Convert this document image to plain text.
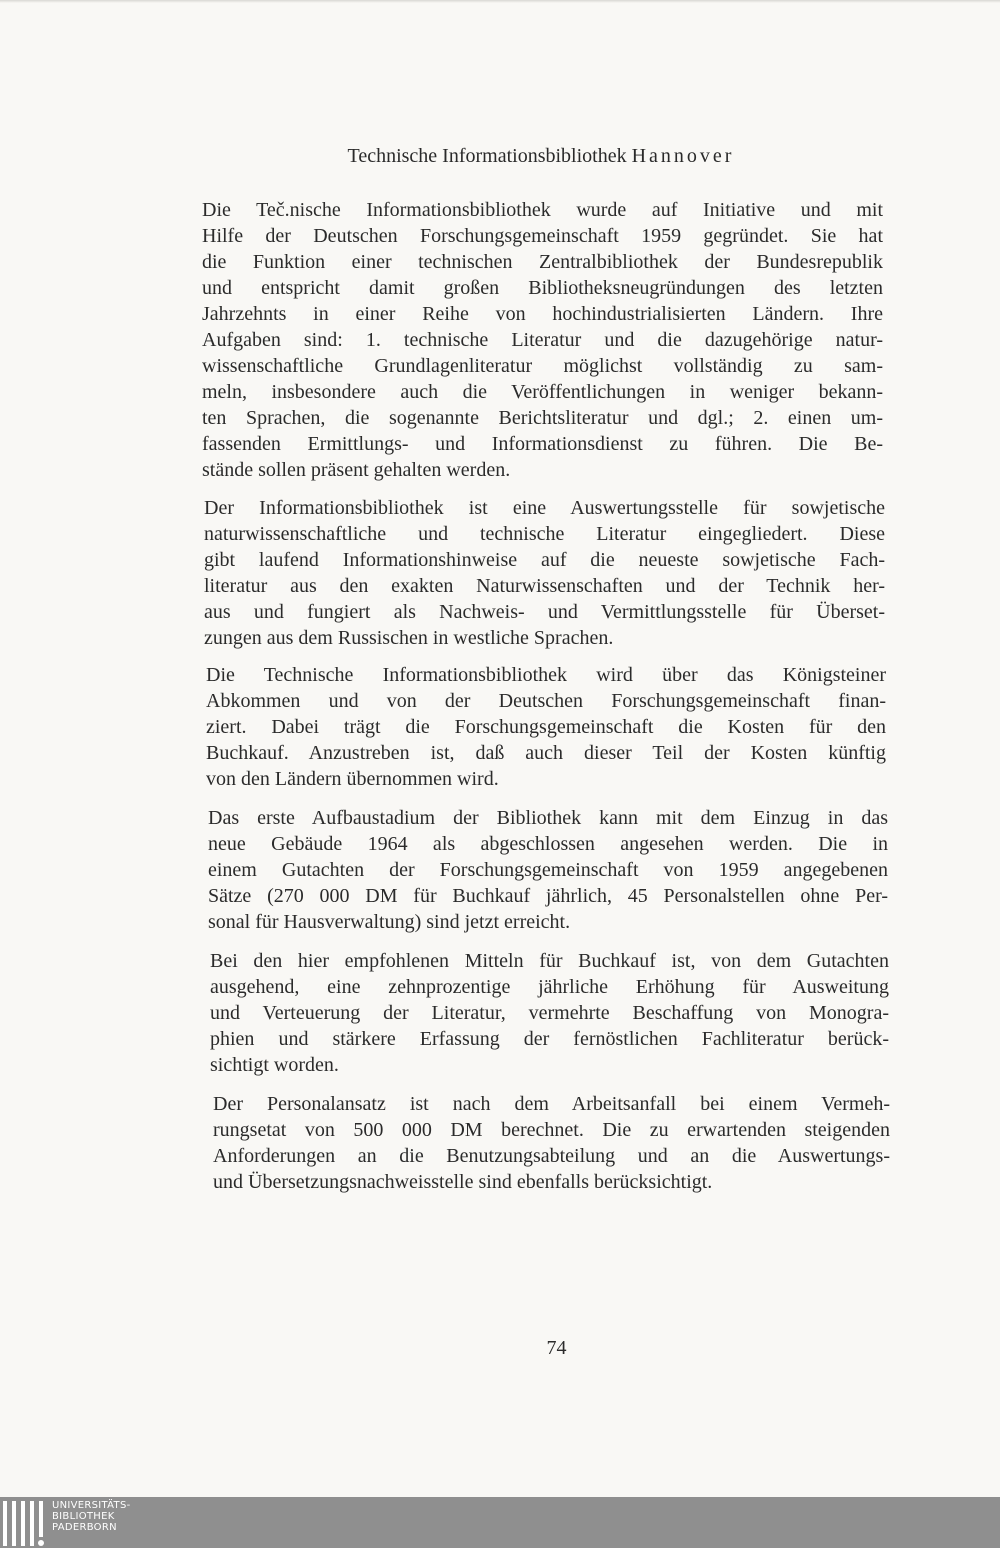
Technische Informationsbibliothek Hannover
Die Teč.nische Informationsbibliothek wurde auf Initiative und mit
Hilfe der Deutschen Forschungsgemeinschaft 1959 gegründet. Sie hat
die Funktion einer technischen Zentralbibliothek der Bundesrepublik
und entspricht damit großen Bibliotheksneugründungen des letzten
Jahrzehnts in einer Reihe von hochindustrialisierten Ländern. Ihre
Aufgaben sind: 1. technische Literatur und die dazugehörige natur-
wissenschaftliche Grundlagenliteratur möglichst vollständig zu sam-
meln, insbesondere auch die Veröffentlichungen in weniger bekann-
ten Sprachen, die sogenannte Berichtsliteratur und dgl.; 2. einen um-
fassenden Ermittlungs- und Informationsdienst zu führen. Die Be-
stände sollen präsent gehalten werden.
Der Informationsbibliothek ist eine Auswertungsstelle für sowjetische
naturwissenschaftliche und technische Literatur eingegliedert. Diese
gibt laufend Informationshinweise auf die neueste sowjetische Fach-
literatur aus den exakten Naturwissenschaften und der Technik her-
aus und fungiert als Nachweis- und Vermittlungsstelle für Überset-
zungen aus dem Russischen in westliche Sprachen.
Die Technische Informationsbibliothek wird über das Königsteiner
Abkommen und von der Deutschen Forschungsgemeinschaft finan-
ziert. Dabei trägt die Forschungsgemeinschaft die Kosten für den
Buchkauf. Anzustreben ist, daß auch dieser Teil der Kosten künftig
von den Ländern übernommen wird.
Das erste Aufbaustadium der Bibliothek kann mit dem Einzug in das
neue Gebäude 1964 als abgeschlossen angesehen werden. Die in
einem Gutachten der Forschungsgemeinschaft von 1959 angegebenen
Sätze (270 000 DM für Buchkauf jährlich, 45 Personalstellen ohne Per-
sonal für Hausverwaltung) sind jetzt erreicht.
Bei den hier empfohlenen Mitteln für Buchkauf ist, von dem Gutachten
ausgehend, eine zehnprozentige jährliche Erhöhung für Ausweitung
und Verteuerung der Literatur, vermehrte Beschaffung von Monogra-
phien und stärkere Erfassung der fernöstlichen Fachliteratur berück-
sichtigt worden.
Der Personalansatz ist nach dem Arbeitsanfall bei einem Vermeh-
rungsetat von 500 000 DM berechnet. Die zu erwartenden steigenden
Anforderungen an die Benutzungsabteilung und an die Auswertungs-
und Übersetzungsnachweisstelle sind ebenfalls berücksichtigt.
74
UNIVERSITÄTS-
BIBLIOTHEK
PADERBORN
